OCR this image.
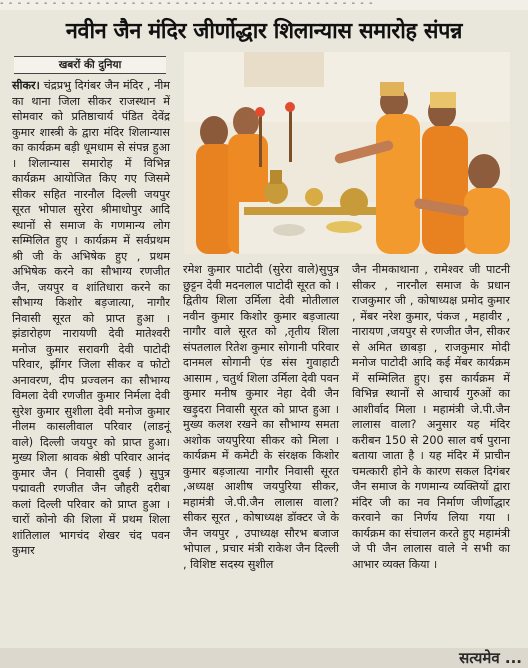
- - - - - - - - - - - - - - - - - - - - - - - - - - - - - - - - - - - - - - - - - - -
नवीन जैन मंदिर जीर्णोद्धार शिलान्यास समारोह संपन्न
खबरों की दुनिया

सीकर। चंद्रप्रभु दिगंबर जैन मंदिर , नीम का थाना जिला सीकर राजस्थान में सोमवार को प्रतिष्ठाचार्य पंडित देवेंद्र कुमार शास्त्री के द्वारा मंदिर शिलान्यास का कार्यक्रम बड़ी धूमधाम से संपन्न हुआ । शिलान्यास समारोह में विभिन्न कार्यक्रम आयोजित किए गए जिसमे सीकर सहित नारनौल दिल्ली जयपुर सूरत भोपाल सुरेरा श्रीमाधोपुर आदि स्थानों से समाज के गणमान्य लोग सम्मिलित हुए । कार्यक्रम में सर्वप्रथम श्री जी के अभिषेक हुए , प्रथम अभिषेक करने का सौभाग्य रणजीत जैन, जयपुर व शांतिधारा करने का सौभाग्य किशोर बड़जात्या, नागौर निवासी सूरत को प्राप्त हुआ । झंडारोहण नारायणी देवी मातेश्वरी मनोज कुमार सरावगी देवी पाटोदी परिवार, झींगर जिला सीकर व फोटो अनावरण, दीप प्रज्वलन का सौभाग्य विमला देवी रणजीत कुमार निर्मला देवी सुरेश कुमार सुशीला देवी मनोज कुमार नीलम कासलीवाल परिवार (लाडनूं वाले) दिल्ली जयपुर को प्राप्त हुआ। मुख्य शिला श्रावक श्रेष्ठी परिवार आनंद कुमार जैन ( निवासी दुबई ) सुपुत्र पद्मावती रणजीत जैन जौहरी दरीबा कलां दिल्ली परिवार को प्राप्त हुआ । चारों कोनो की शिला में प्रथम शिला शांतिलाल भागचंद शेखर चंद पवन कुमार

रमेश कुमार पाटोदी (सुरेरा वाले)सुपुत्र छुट्टन देवी मदनलाल पाटोदी सूरत को । द्वितीय शिला उर्मिला देवी मोतीलाल नवीन कुमार किशोर कुमार बड़जात्या नागौर वाले सूरत को ,तृतीय शिला संपतलाल रितेश कुमार सोगानी परिवार दानमल सोगानी एंड संस गुवाहाटी आसाम , चतुर्थ शिला उर्मिला देवी पवन कुमार मनीष कुमार नेहा देवी जैन खड़ुदरा निवासी सूरत को प्राप्त हुआ । मुख्य कलश रखने का सौभाग्य समता अशोक जयपुरिया सीकर को मिला । कार्यक्रम में कमेटी के संरक्षक किशोर कुमार बड़जात्या नागौर निवासी सूरत ,अध्यक्ष आशीष जयपुरिया सीकर, महामंत्री जे.पी.जैन लालास वाला? सीकर सूरत , कोषाध्यक्ष डॉक्टर जे के जैन जयपुर , उपाध्यक्ष सौरभ बजाज भोपाल , प्रचार मंत्री राकेश जैन दिल्ली , विशिष्ट सदस्य सुशील

जैन नीमकाथाना , रामेश्वर जी पाटनी सीकर , नारनौल समाज के प्रधान राजकुमार जी , कोषाध्यक्ष प्रमोद कुमार , मेंबर नरेश कुमार, पंकज , महावीर , नारायण ,जयपुर से रणजीत जैन, सीकर से अमित छाबड़ा , राजकुमार मोदी मनोज पाटोदी आदि कई मेंबर कार्यक्रम में सम्मिलित हुए। इस कार्यक्रम में विभिन्न स्थानों से आचार्य गुरुओं का आशीर्वाद मिला । महामंत्री जे.पी.जैन लालास वाला? अनुसार यह मंदिर करीबन 150 से 200 साल वर्ष पुराना बताया जाता है । यह मंदिर में प्राचीन चमत्कारी होने के कारण सकल दिगंबर जैन समाज के गणमान्य व्यक्तियों द्वारा मंदिर जी का नव निर्माण जीर्णोद्धार करवाने का निर्णय लिया गया । कार्यक्रम का संचालन करते हुए महामंत्री जे पी जैन लालास वाले ने सभी का आभार व्यक्त किया ।

सत्यमेव ...
